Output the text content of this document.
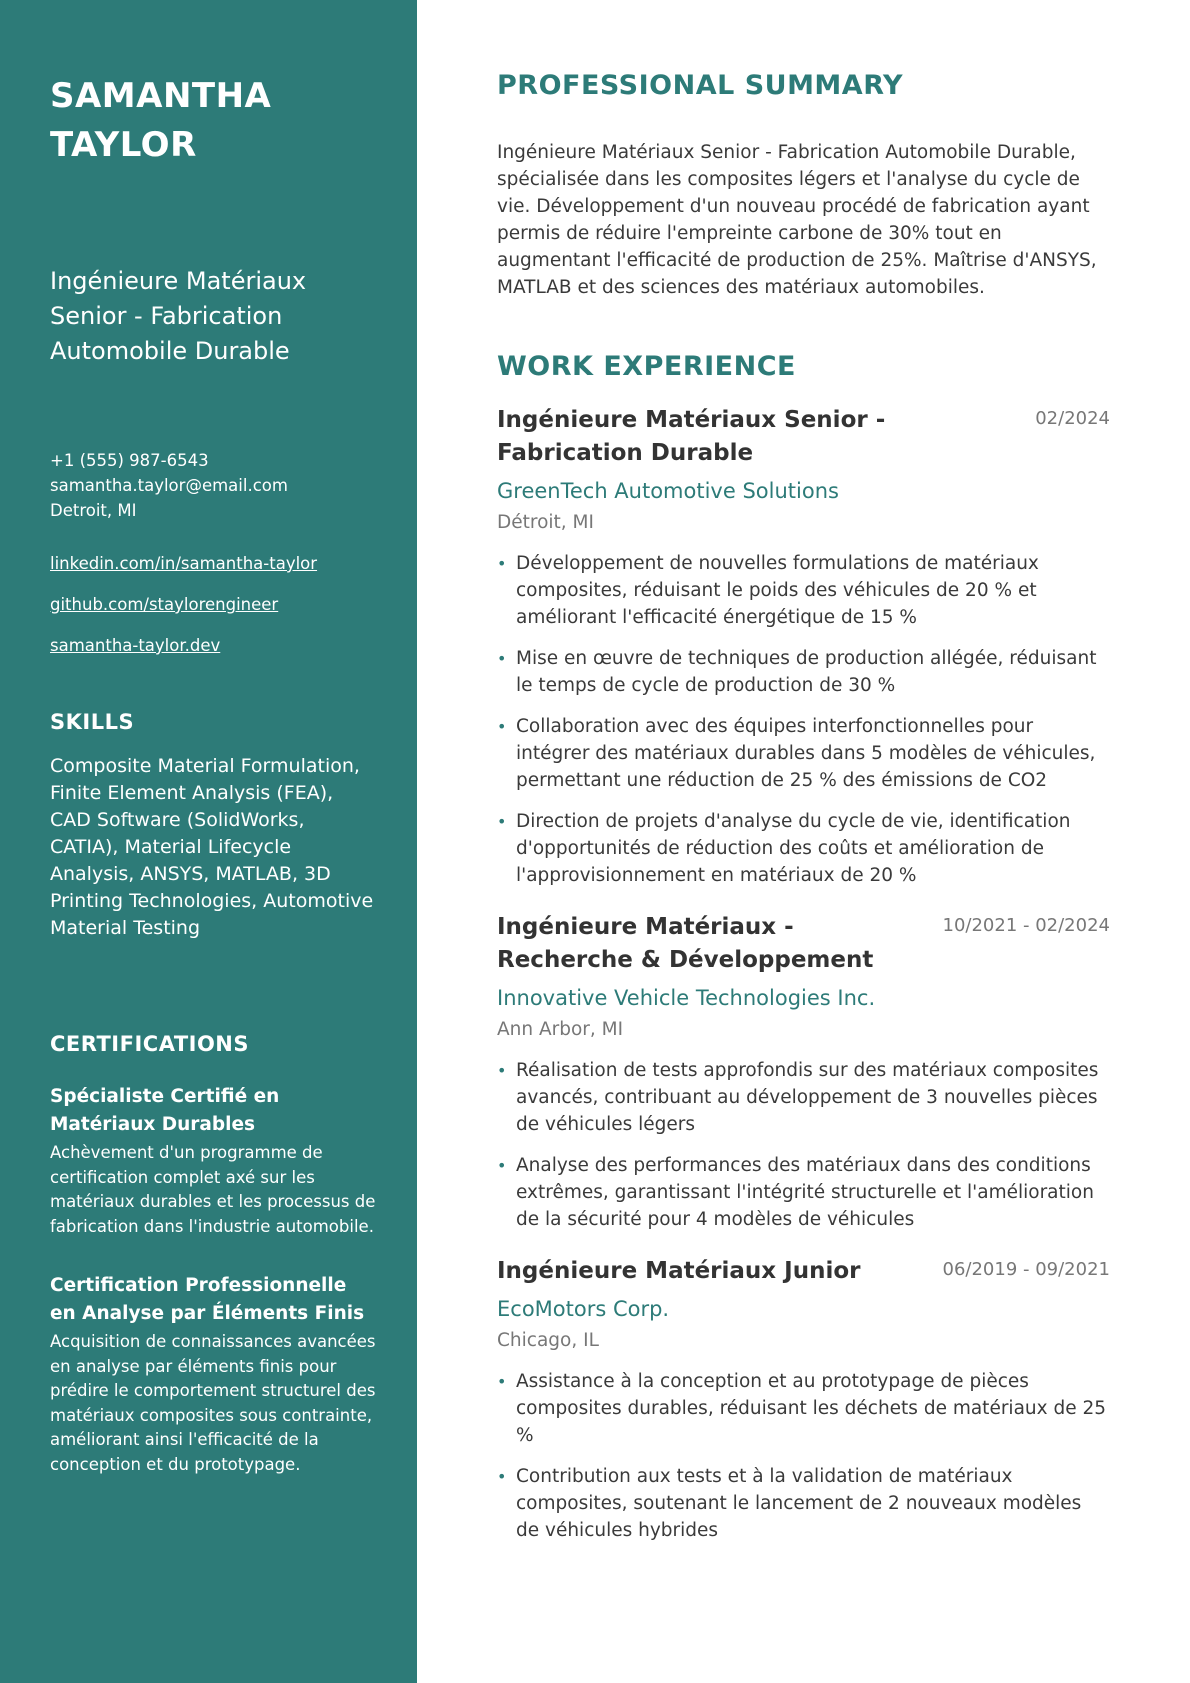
SAMANTHA TAYLOR
Ingénieure Matériaux Senior - Fabrication Automobile Durable
+1 (555) 987-6543
samantha.taylor@email.com
Detroit, MI
linkedin.com/in/samantha-taylor
github.com/staylorengineer
samantha-taylor.dev
SKILLS

Composite Material Formulation, Finite Element Analysis (FEA), CAD Software (SolidWorks, CATIA), Material Lifecycle Analysis, ANSYS, MATLAB, 3D Printing Technologies, Automotive Material Testing

CERTIFICATIONS
Spécialiste Certifié en Matériaux Durables
Achèvement d'un programme de certification complet axé sur les matériaux durables et les processus de fabrication dans l'industrie automobile.
Certification Professionnelle en Analyse par Éléments Finis
Acquisition de connaissances avancées en analyse par éléments finis pour prédire le comportement structurel des matériaux composites sous contrainte, améliorant ainsi l'efficacité de la conception et du prototypage.
PROFESSIONAL SUMMARY

Ingénieure Matériaux Senior - Fabrication Automobile Durable, spécialisée dans les composites légers et l'analyse du cycle de vie. Développement d'un nouveau procédé de fabrication ayant permis de réduire l'empreinte carbone de 30% tout en augmentant l'efficacité de production de 25%. Maîtrise d'ANSYS, MATLAB et des sciences des matériaux automobiles.

WORK EXPERIENCE
Ingénieure Matériaux Senior - Fabrication Durable
02/2024
GreenTech Automotive Solutions
Détroit, MI
• Développement de nouvelles formulations de matériaux composites, réduisant le poids des véhicules de 20 % et améliorant l'efficacité énergétique de 15 %
• Mise en œuvre de techniques de production allégée, réduisant le temps de cycle de production de 30 %
• Collaboration avec des équipes interfonctionnelles pour intégrer des matériaux durables dans 5 modèles de véhicules, permettant une réduction de 25 % des émissions de CO2
• Direction de projets d'analyse du cycle de vie, identification d'opportunités de réduction des coûts et amélioration de l'approvisionnement en matériaux de 20 %
Ingénieure Matériaux - Recherche & Développement
10/2021 - 02/2024
Innovative Vehicle Technologies Inc.
Ann Arbor, MI
• Réalisation de tests approfondis sur des matériaux composites avancés, contribuant au développement de 3 nouvelles pièces de véhicules légers
• Analyse des performances des matériaux dans des conditions extrêmes, garantissant l'intégrité structurelle et l'amélioration de la sécurité pour 4 modèles de véhicules
Ingénieure Matériaux Junior	06/2019 - 09/2021
EcoMotors Corp.
Chicago, IL
• Assistance à la conception et au prototypage de pièces composites durables, réduisant les déchets de matériaux de 25 %
• Contribution aux tests et à la validation de matériaux composites, soutenant le lancement de 2 nouveaux modèles de véhicules hybrides
